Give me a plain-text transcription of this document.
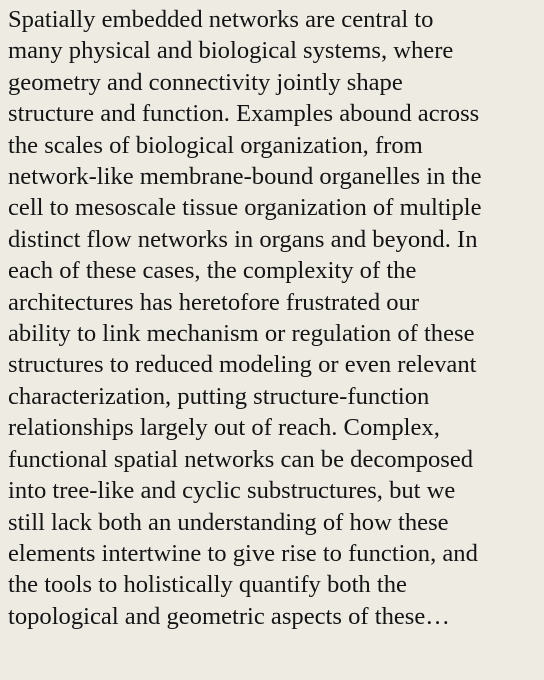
Spatially embedded networks are central to
many physical and biological systems, where
geometry and connectivity jointly shape
structure and function. Examples abound across
the scales of biological organization, from
network-like membrane-bound organelles in the
cell to mesoscale tissue organization of multiple
distinct flow networks in organs and beyond. In
each of these cases, the complexity of the
architectures has heretofore frustrated our
ability to link mechanism or regulation of these
structures to reduced modeling or even relevant
characterization, putting structure-function
relationships largely out of reach. Complex,
functional spatial networks can be decomposed
into tree-like and cyclic substructures, but we
still lack both an understanding of how these
elements intertwine to give rise to function, and
the tools to holistically quantify both the
topological and geometric aspects of these…
